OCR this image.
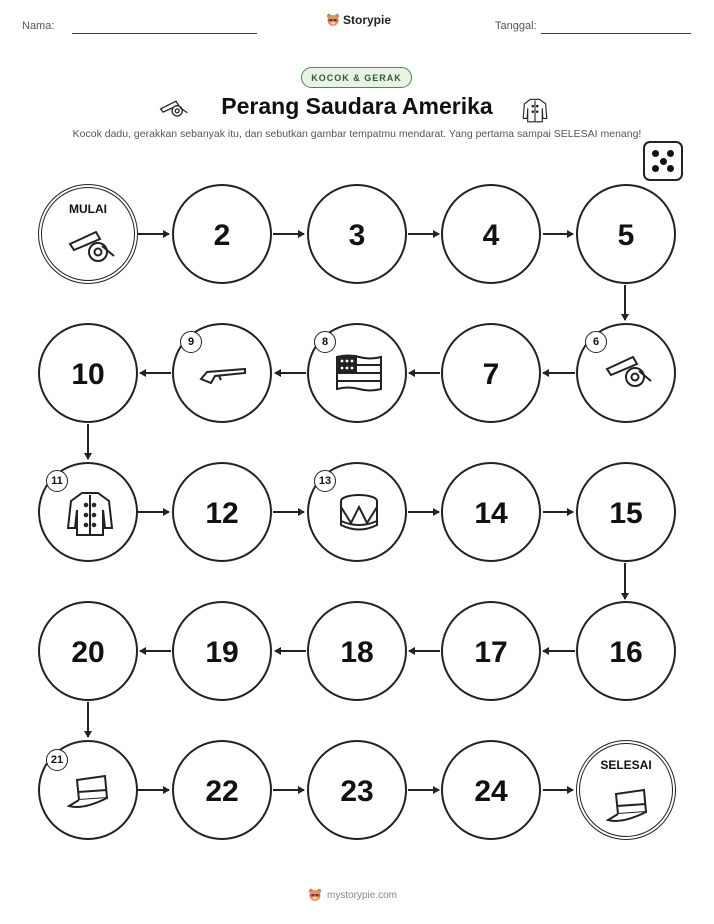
Nama:	Storypie	Tanggal:
KOCOK & GERAK
Perang Saudara Amerika
Kocok dadu, gerakkan sebanyak itu, dan sebutkan gambar tempatmu mendarat. Yang pertama sampai SELESAI menang!
MULAI
2	3	4	5
10	7
12	14	15
20	19	18	17	16
22	23	24
SELESAI
9	8	6
11	13
21
mystorypie.com
